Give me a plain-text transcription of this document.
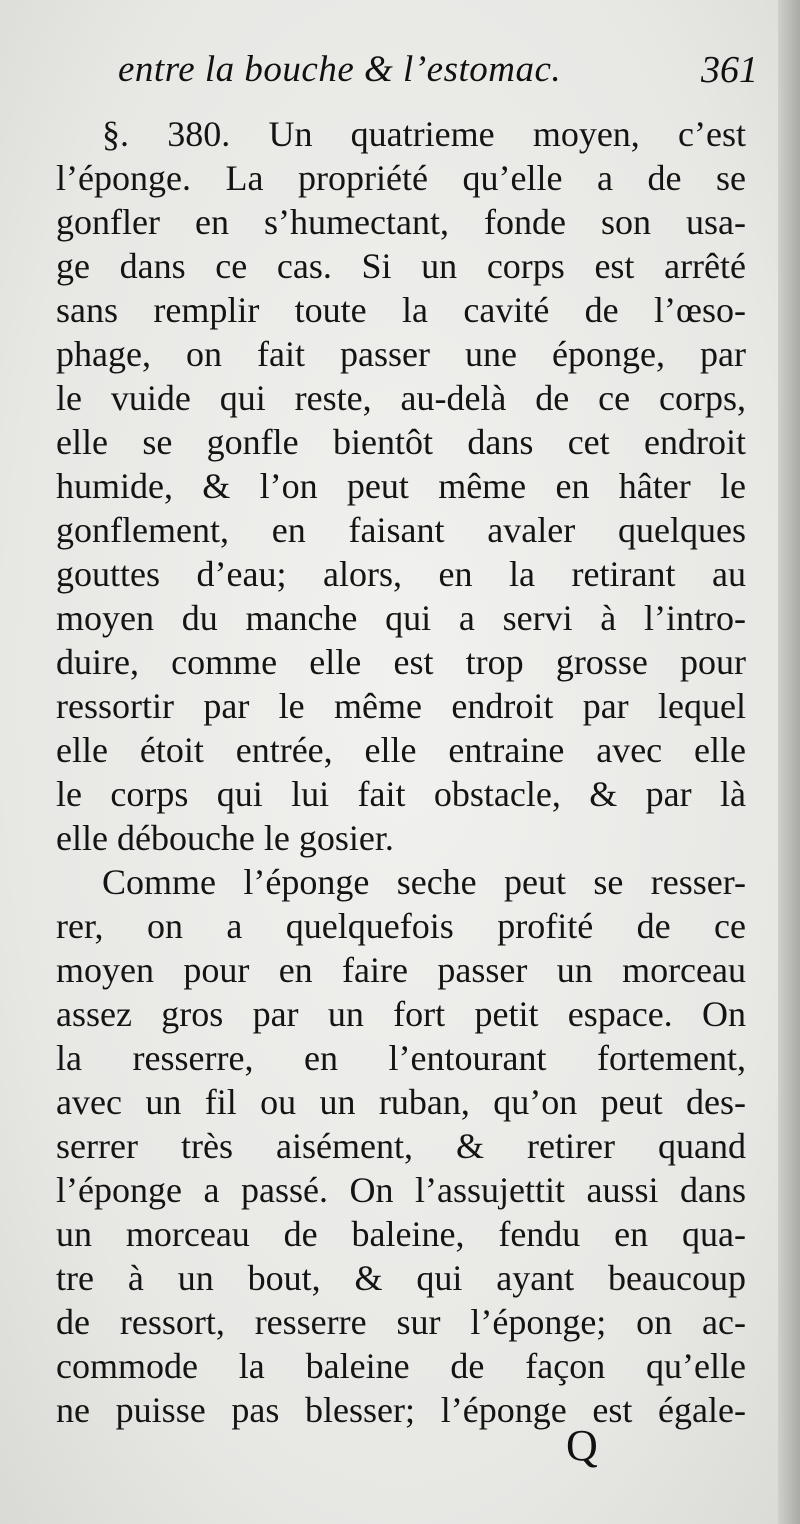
entre la bouche & l’estomac.	361
§. 380. Un quatrieme moyen, c’est
l’éponge. La propriété qu’elle a de se
gonfler en s’humectant, fonde son usa-
ge dans ce cas. Si un corps est arrêté
sans remplir toute la cavité de l’œso-
phage, on fait passer une éponge, par
le vuide qui reste, au-delà de ce corps,
elle se gonfle bientôt dans cet endroit
humide, & l’on peut même en hâter le
gonflement, en faisant avaler quelques
gouttes d’eau; alors, en la retirant au
moyen du manche qui a servi à l’intro-
duire, comme elle est trop grosse pour
ressortir par le même endroit par lequel
elle étoit entrée, elle entraine avec elle
le corps qui lui fait obstacle, & par là
elle débouche le gosier.
Comme l’éponge seche peut se resser-
rer, on a quelquefois profité de ce
moyen pour en faire passer un morceau
assez gros par un fort petit espace. On
la resserre, en l’entourant fortement,
avec un fil ou un ruban, qu’on peut des-
serrer très aisément, & retirer quand
l’éponge a passé. On l’assujettit aussi dans
un morceau de baleine, fendu en qua-
tre à un bout, & qui ayant beaucoup
de ressort, resserre sur l’éponge; on ac-
commode la baleine de façon qu’elle
ne puisse pas blesser; l’éponge est égale-
Q
